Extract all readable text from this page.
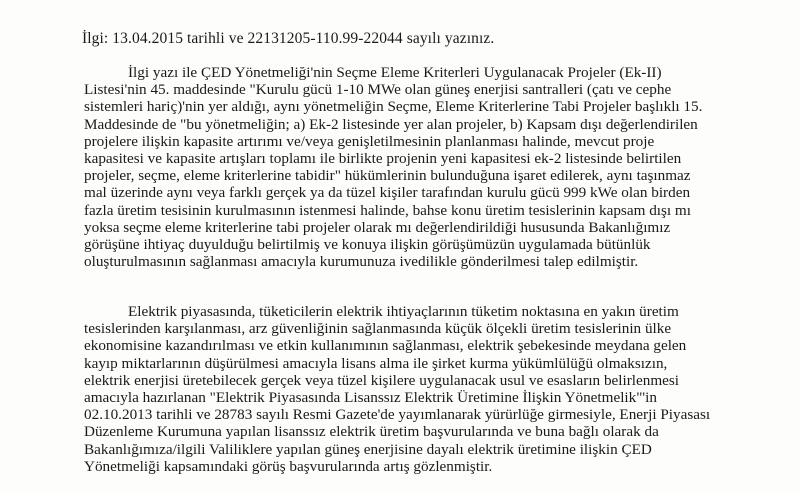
İlgi: 13.04.2015 tarihli ve 22131205-110.99-22044 sayılı yazınız.
İlgi yazı ile ÇED Yönetmeliği'nin Seçme Eleme Kriterleri Uygulanacak Projeler (Ek-II)
Listesi'nin 45. maddesinde "Kurulu gücü 1-10 MWe olan güneş enerjisi santralleri (çatı ve cephe
sistemleri hariç)'nin yer aldığı, aynı yönetmeliğin Seçme, Eleme Kriterlerine Tabi Projeler başlıklı 15.
Maddesinde de "bu yönetmeliğin; a) Ek-2 listesinde yer alan projeler, b) Kapsam dışı değerlendirilen
projelere ilişkin kapasite artırımı ve/veya genişletilmesinin planlanması halinde, mevcut proje
kapasitesi ve kapasite artışları toplamı ile birlikte projenin yeni kapasitesi ek-2 listesinde belirtilen
projeler, seçme, eleme kriterlerine tabidir" hükümlerinin bulunduğuna işaret edilerek, aynı taşınmaz
mal üzerinde aynı veya farklı gerçek ya da tüzel kişiler tarafından kurulu gücü 999 kWe olan birden
fazla üretim tesisinin kurulmasının istenmesi halinde, bahse konu üretim tesislerinin kapsam dışı mı
yoksa seçme eleme kriterlerine tabi projeler olarak mı değerlendirildiği hususunda Bakanlığımız
görüşüne ihtiyaç duyulduğu belirtilmiş ve konuya ilişkin görüşümüzün uygulamada bütünlük
oluşturulmasının sağlanması amacıyla kurumunuza ivedilikle gönderilmesi talep edilmiştir.
Elektrik piyasasında, tüketicilerin elektrik ihtiyaçlarının tüketim noktasına en yakın üretim
tesislerinden karşılanması, arz güvenliğinin sağlanmasında küçük ölçekli üretim tesislerinin ülke
ekonomisine kazandırılması ve etkin kullanımının sağlanması, elektrik şebekesinde meydana gelen
kayıp miktarlarının düşürülmesi amacıyla lisans alma ile şirket kurma yükümlülüğü olmaksızın,
elektrik enerjisi üretebilecek gerçek veya tüzel kişilere uygulanacak usul ve esasların belirlenmesi
amacıyla hazırlanan "Elektrik Piyasasında Lisanssız Elektrik Üretimine İlişkin Yönetmelik"'in
02.10.2013 tarihli ve 28783 sayılı Resmi Gazete'de yayımlanarak yürürlüğe girmesiyle, Enerji Piyasası
Düzenleme Kurumuna yapılan lisanssız elektrik üretim başvurularında ve buna bağlı olarak da
Bakanlığımıza/ilgili Valiliklere yapılan güneş enerjisine dayalı elektrik üretimine ilişkin ÇED
Yönetmeliği kapsamındaki görüş başvurularında artış gözlenmiştir.
